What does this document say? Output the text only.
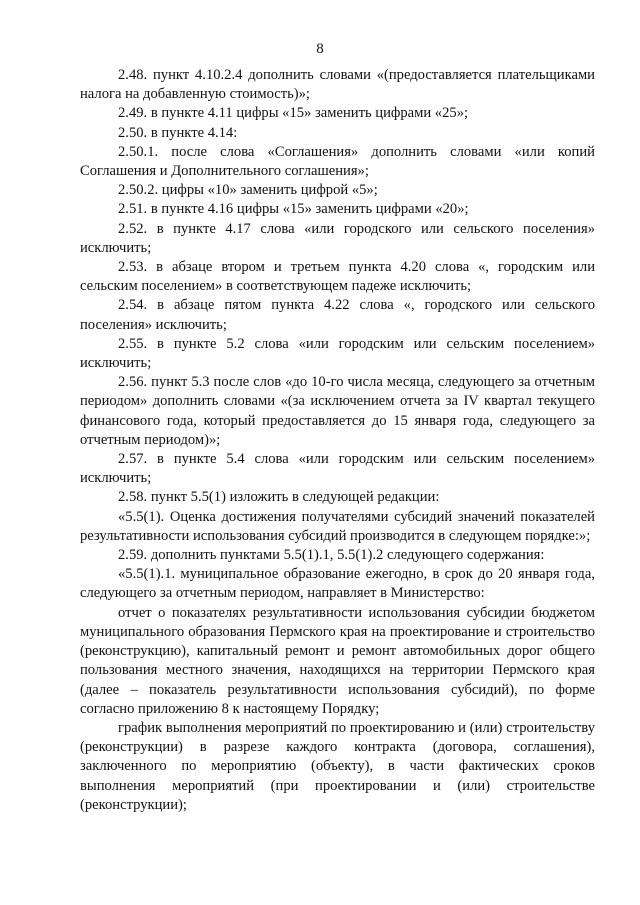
8

2.48. пункт 4.10.2.4 дополнить словами «(предоставляется плательщиками налога на добавленную стоимость)»;

2.49. в пункте 4.11 цифры «15» заменить цифрами «25»;

2.50. в пункте 4.14:

2.50.1. после слова «Соглашения» дополнить словами «или копий Соглашения и Дополнительного соглашения»;

2.50.2. цифры «10» заменить цифрой «5»;

2.51. в пункте 4.16 цифры «15» заменить цифрами «20»;

2.52. в пункте 4.17 слова «или городского или сельского поселения» исключить;

2.53. в абзаце втором и третьем пункта 4.20 слова «, городским или сельским поселением» в соответствующем падеже исключить;

2.54. в абзаце пятом пункта 4.22 слова «, городского или сельского поселения» исключить;

2.55. в пункте 5.2 слова «или городским или сельским поселением» исключить;

2.56. пункт 5.3 после слов «до 10-го числа месяца, следующего за отчетным периодом» дополнить словами «(за исключением отчета за IV квартал текущего финансового года, который предоставляется до 15 января года, следующего за отчетным периодом)»;

2.57. в пункте 5.4 слова «или городским или сельским поселением» исключить;

2.58. пункт 5.5(1) изложить в следующей редакции:

«5.5(1). Оценка достижения получателями субсидий значений показателей результативности использования субсидий производится в следующем порядке:»;

2.59. дополнить пунктами 5.5(1).1, 5.5(1).2 следующего содержания:

«5.5(1).1. муниципальное образование ежегодно, в срок до 20 января года, следующего за отчетным периодом, направляет в Министерство:

отчет о показателях результативности использования субсидии бюджетом муниципального образования Пермского края на проектирование и строительство (реконструкцию), капитальный ремонт и ремонт автомобильных дорог общего пользования местного значения, находящихся на территории Пермского края (далее – показатель результативности использования субсидий), по форме согласно приложению 8 к настоящему Порядку;

график выполнения мероприятий по проектированию и (или) строительству (реконструкции) в разрезе каждого контракта (договора, соглашения), заключенного по мероприятию (объекту), в части фактических сроков выполнения мероприятий (при проектировании и (или) строительстве (реконструкции);
